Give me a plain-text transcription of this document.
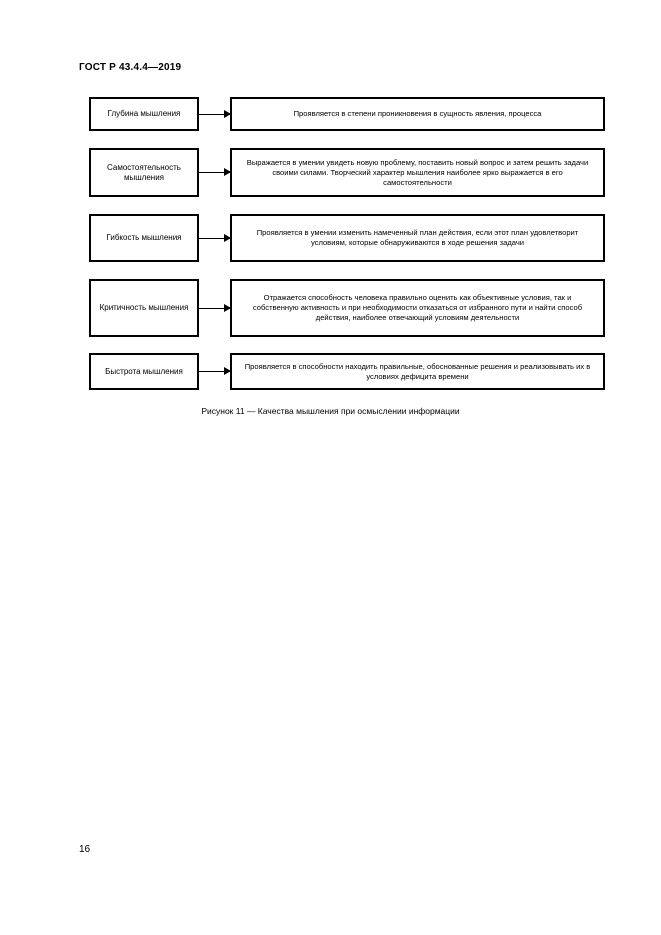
ГОСТ Р 43.4.4—2019
Глубина мышления	Проявляется в степени проникновения в сущность явления, процесса
Самостоятельность мышления
Выражается в умении увидеть новую проблему, поставить новый вопрос и затем решить задачи своими силами. Творческий характер мышления наиболее ярко выражается в его самостоятельности
Гибкость мышления
Проявляется в умении изменить намеченный план действия, если этот план удовлетворит условиям, которые обнаруживаются в ходе решения задачи
Критичность мышления
Отражается способность человека правильно оценить как объективные условия, так и собственную активность и при необходимости отказаться от избранного пути и найти способ действия, наиболее отвечающий условиям деятельности
Быстрота мышления
Проявляется в способности находить правильные, обоснованные решения и реализовывать их в условиях дефицита времени
Рисунок 11 — Качества мышления при осмыслении информации
16
